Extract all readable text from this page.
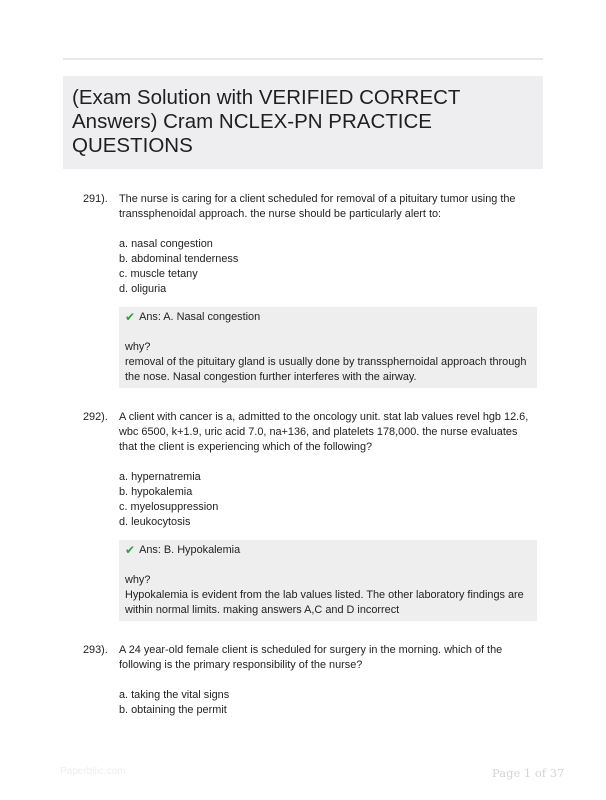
(Exam Solution with VERIFIED CORRECT
Answers) Cram NCLEX-PN PRACTICE
QUESTIONS
291). The nurse is caring for a client scheduled for removal of a pituitary tumor using the transsphenoidal approach. the nurse should be particularly alert to:
a. nasal congestion
b. abdominal tenderness
c. muscle tetany
d. oliguria
✔ Ans: A. Nasal congestion
why?
removal of the pituitary gland is usually done by transsphernoidal approach through the nose. Nasal congestion further interferes with the airway.
292). A client with cancer is a, admitted to the oncology unit. stat lab values revel hgb 12.6, wbc 6500, k+1.9, uric acid 7.0, na+136, and platelets 178,000. the nurse evaluates that the client is experiencing which of the following?
a. hypernatremia
b. hypokalemia
c. myelosuppression
d. leukocytosis
✔ Ans: B. Hypokalemia
why?
Hypokalemia is evident from the lab values listed. The other laboratory findings are within normal limits. making answers A,C and D incorrect
293). A 24 year-old female client is scheduled for surgery in the morning. which of the following is the primary responsibility of the nurse?
a. taking the vital signs
b. obtaining the permit
Paperbliic.com	Page 1 of 37
